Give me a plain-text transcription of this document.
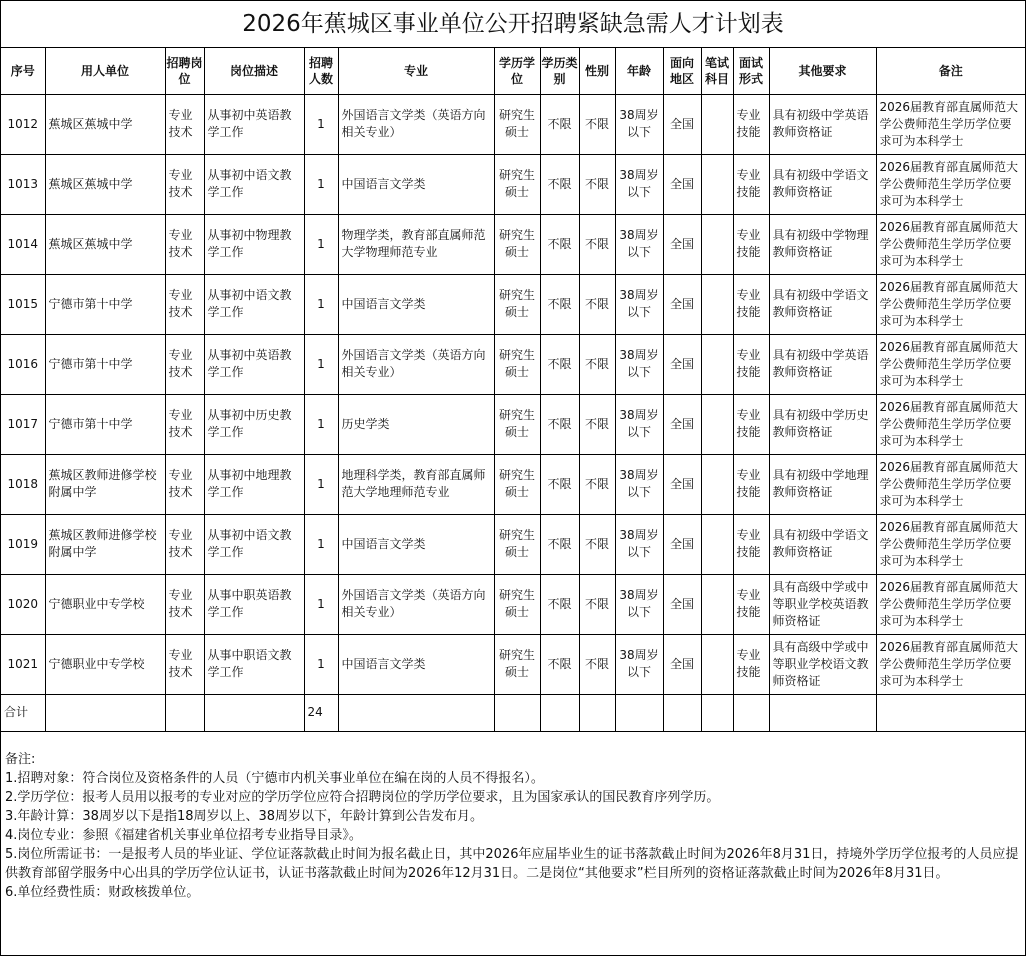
2026年蕉城区事业单位公开招聘紧缺急需人才计划表
序号	用人单位	招聘岗位	岗位描述	招聘人数	专业	学历学位	学历类别	性别	年龄	面向地区	笔试科目	面试形式	其他要求	备注
1012	蕉城区蕉城中学	专业技术	从事初中英语教学工作	1	外国语言文学类（英语方向相关专业）	研究生硕士	不限	不限	38周岁以下	全国		专业技能	具有初级中学英语教师资格证	2026届教育部直属师范大学公费师范生学历学位要求可为本科学士
1013	蕉城区蕉城中学	专业技术	从事初中语文教学工作	1	中国语言文学类	研究生硕士	不限	不限	38周岁以下	全国		专业技能	具有初级中学语文教师资格证	2026届教育部直属师范大学公费师范生学历学位要求可为本科学士
1014	蕉城区蕉城中学	专业技术	从事初中物理教学工作	1	物理学类，教育部直属师范大学物理师范专业	研究生硕士	不限	不限	38周岁以下	全国		专业技能	具有初级中学物理教师资格证	2026届教育部直属师范大学公费师范生学历学位要求可为本科学士
1015	宁德市第十中学	专业技术	从事初中语文教学工作	1	中国语言文学类	研究生硕士	不限	不限	38周岁以下	全国		专业技能	具有初级中学语文教师资格证	2026届教育部直属师范大学公费师范生学历学位要求可为本科学士
1016	宁德市第十中学	专业技术	从事初中英语教学工作	1	外国语言文学类（英语方向相关专业）	研究生硕士	不限	不限	38周岁以下	全国		专业技能	具有初级中学英语教师资格证	2026届教育部直属师范大学公费师范生学历学位要求可为本科学士
1017	宁德市第十中学	专业技术	从事初中历史教学工作	1	历史学类	研究生硕士	不限	不限	38周岁以下	全国		专业技能	具有初级中学历史教师资格证	2026届教育部直属师范大学公费师范生学历学位要求可为本科学士
1018	蕉城区教师进修学校附属中学	专业技术	从事初中地理教学工作	1	地理科学类，教育部直属师范大学地理师范专业	研究生硕士	不限	不限	38周岁以下	全国		专业技能	具有初级中学地理教师资格证	2026届教育部直属师范大学公费师范生学历学位要求可为本科学士
1019	蕉城区教师进修学校附属中学	专业技术	从事初中语文教学工作	1	中国语言文学类	研究生硕士	不限	不限	38周岁以下	全国		专业技能	具有初级中学语文教师资格证	2026届教育部直属师范大学公费师范生学历学位要求可为本科学士
1020	宁德职业中专学校	专业技术	从事中职英语教学工作	1	外国语言文学类（英语方向相关专业）	研究生硕士	不限	不限	38周岁以下	全国		专业技能	具有高级中学或中等职业学校英语教师资格证	2026届教育部直属师范大学公费师范生学历学位要求可为本科学士
1021	宁德职业中专学校	专业技术	从事中职语文教学工作	1	中国语言文学类	研究生硕士	不限	不限	38周岁以下	全国		专业技能	具有高级中学或中等职业学校语文教师资格证	2026届教育部直属师范大学公费师范生学历学位要求可为本科学士
合计				24										
备注:
1.招聘对象：符合岗位及资格条件的人员（宁德市内机关事业单位在编在岗的人员不得报名）。
2.学历学位：报考人员用以报考的专业对应的学历学位应符合招聘岗位的学历学位要求，且为国家承认的国民教育序列学历。
3.年龄计算：38周岁以下是指18周岁以上、38周岁以下，年龄计算到公告发布月。
4.岗位专业：参照《福建省机关事业单位招考专业指导目录》。
5.岗位所需证书：一是报考人员的毕业证、学位证落款截止时间为报名截止日，其中2026年应届毕业生的证书落款截止时间为2026年8月31日，持境外学历学位报考的人员应提供教育部留学服务中心出具的学历学位认证书，认证书落款截止时间为2026年12月31日。二是岗位“其他要求”栏目所列的资格证落款截止时间为2026年8月31日。
6.单位经费性质：财政核拨单位。
